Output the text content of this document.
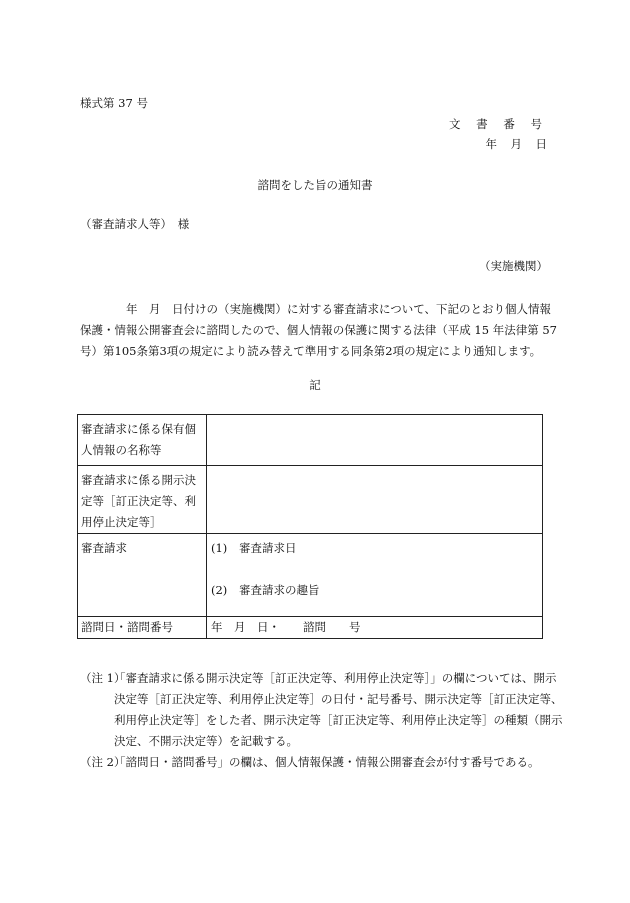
様式第 37 号
文 書 番 号
年　月　日
諮問をした旨の通知書
（審査請求人等）　様
（実施機関）
　　　　年　月　日付けの（実施機関）に対する審査請求について、下記のとおり個人情報
保護・情報公開審査会に諮問したので、個人情報の保護に関する法律（平成 15 年法律第 57
号）第105条第3項の規定により読み替えて準用する同条第2項の規定により通知します。
記
審査請求に係る保有個人情報の名称等	
審査請求に係る開示決定等［訂正決定等、利用停止決定等］	
審査請求	(1) 審査請求日
(2) 審査請求の趣旨

諮問日・諮問番号	年　月　日・　　諮問　　号
（注 1）
「審査請求に係る開示決定等［訂正決定等、利用停止決定等］」の欄については、開示
決定等［訂正決定等、利用停止決定等］の日付・記号番号、開示決定等［訂正決定等、
利用停止決定等］をした者、開示決定等［訂正決定等、利用停止決定等］の種類（開示
決定、不開示決定等）を記載する。
（注 2）
「諮問日・諮問番号」の欄は、個人情報保護・情報公開審査会が付す番号である。
